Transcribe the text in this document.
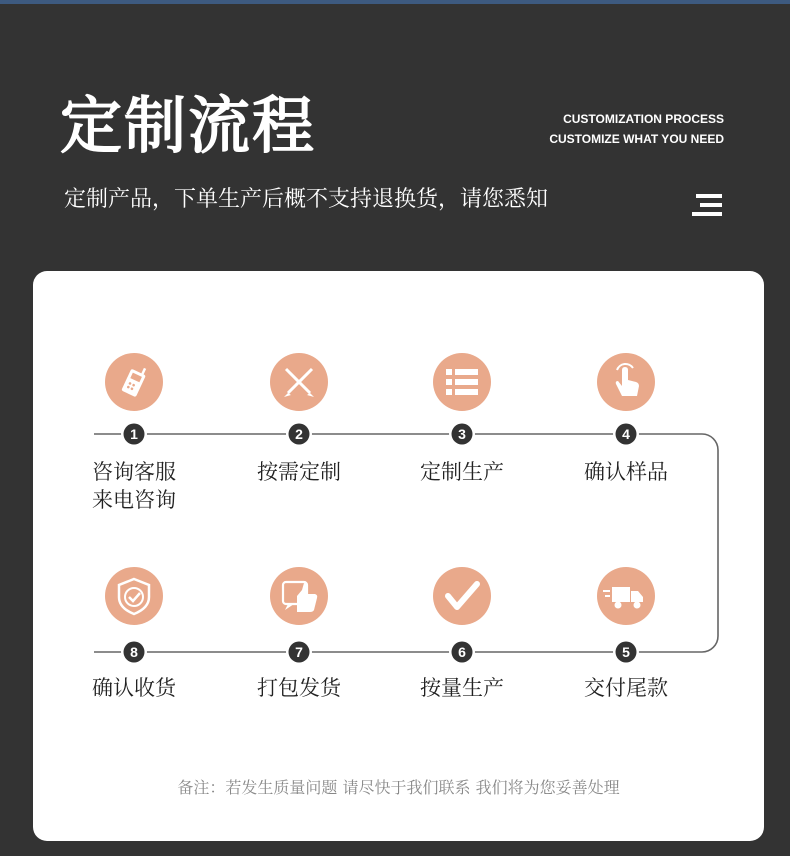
定制流程	CUSTOMIZATION PROCESS
CUSTOMIZE WHAT YOU NEED
定制产品，下单生产后概不支持退换货，请您悉知
1	2	3	4
5
6
7
8
咨询客服
来电咨询
按需定制	定制生产	确认样品
交付尾款
按量生产
打包发货
确认收货
备注：若发生质量问题 请尽快于我们联系 我们将为您妥善处理
